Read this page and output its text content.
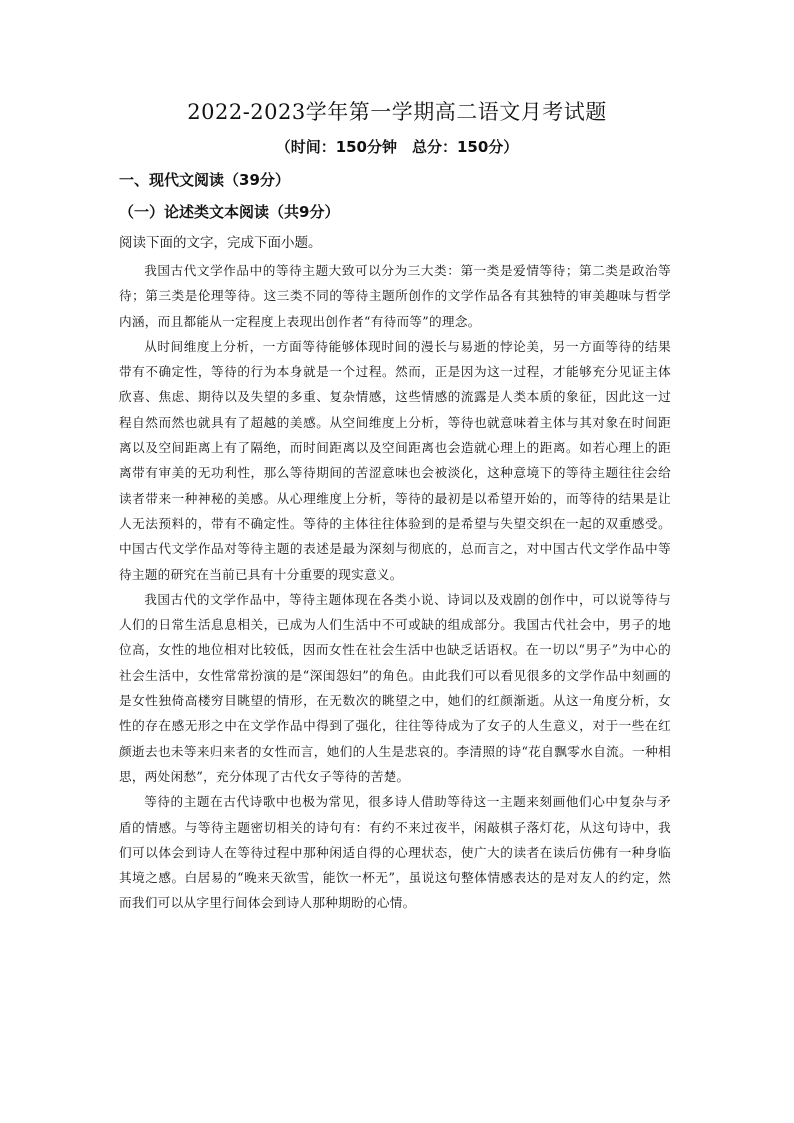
2022-2023学年第一学期高二语文月考试题
（时间：150分钟　总分：150分）
一、现代文阅读（39分）
（一）论述类文本阅读（共9分）
阅读下面的文字，完成下面小题。

我国古代文学作品中的等待主题大致可以分为三大类：第一类是爱情等待；第二类是政治等待；第三类是伦理等待。这三类不同的等待主题所创作的文学作品各有其独特的审美趣味与哲学内涵，而且都能从一定程度上表现出创作者“有待而等”的理念。

从时间维度上分析，一方面等待能够体现时间的漫长与易逝的悖论美，另一方面等待的结果带有不确定性，等待的行为本身就是一个过程。然而，正是因为这一过程，才能够充分见证主体欣喜、焦虑、期待以及失望的多重、复杂情感，这些情感的流露是人类本质的象征，因此这一过程自然而然也就具有了超越的美感。从空间维度上分析，等待也就意味着主体与其对象在时间距离以及空间距离上有了隔绝，而时间距离以及空间距离也会造就心理上的距离。如若心理上的距离带有审美的无功利性，那么等待期间的苦涩意味也会被淡化，这种意境下的等待主题往往会给读者带来一种神秘的美感。从心理维度上分析，等待的最初是以希望开始的，而等待的结果是让人无法预料的，带有不确定性。等待的主体往往体验到的是希望与失望交织在一起的双重感受。中国古代文学作品对等待主题的表述是最为深刻与彻底的，总而言之，对中国古代文学作品中等待主题的研究在当前已具有十分重要的现实意义。

我国古代的文学作品中，等待主题体现在各类小说、诗词以及戏剧的创作中，可以说等待与人们的日常生活息息相关，已成为人们生活中不可或缺的组成部分。我国古代社会中，男子的地位高，女性的地位相对比较低，因而女性在社会生活中也缺乏话语权。在一切以“男子”为中心的社会生活中，女性常常扮演的是“深闺怨妇”的角色。由此我们可以看见很多的文学作品中刻画的是女性独倚高楼穷目眺望的情形，在无数次的眺望之中，她们的红颜渐逝。从这一角度分析，女性的存在感无形之中在文学作品中得到了强化，往往等待成为了女子的人生意义，对于一些在红颜逝去也未等来归来者的女性而言，她们的人生是悲哀的。李清照的诗“花自飘零水自流。一种相思，两处闲愁”，充分体现了古代女子等待的苦楚。

等待的主题在古代诗歌中也极为常见，很多诗人借助等待这一主题来刻画他们心中复杂与矛盾的情感。与等待主题密切相关的诗句有：有约不来过夜半，闲敲棋子落灯花，从这句诗中，我们可以体会到诗人在等待过程中那种闲适自得的心理状态，使广大的读者在读后仿佛有一种身临其境之感。白居易的“晚来天欲雪，能饮一杯无”，虽说这句整体情感表达的是对友人的约定，然而我们可以从字里行间体会到诗人那种期盼的心情。
